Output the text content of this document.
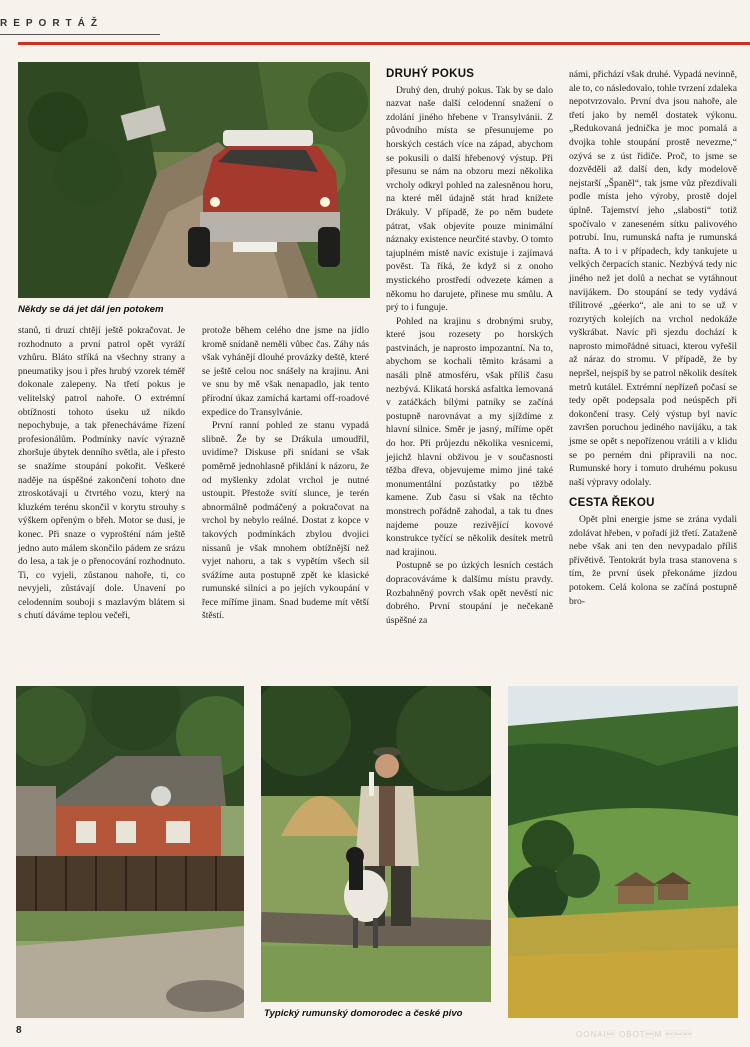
REPORTÁŽ
Někdy se dá jet dál jen potokem

stanů, ti druzí chtějí ještě pokračovat. Je rozhodnuto a první patrol opět vyráží vzhůru. Bláto stříká na všechny strany a pneumatiky jsou i přes hrubý vzorek téměř dokonale zalepeny. Na třetí pokus je velitelský patrol nahoře. O extrémní obtížnosti tohoto úseku už nikdo nepochybuje, a tak přenecháváme řízení profesionálům. Podmínky navíc výrazně zhoršuje úbytek denního světla, ale i přesto se snažíme stoupání pokořit. Veškeré naděje na úspěšné zakončení tohoto dne ztroskotávají u čtvrtého vozu, který na kluzkém terénu skončil v korytu strouhy s výškem opřeným o břeh. Motor se dusí, je konec. Při snaze o vyprošténí nám ještě jedno auto málem skončilo pádem ze srázu do lesa, a tak je o přenocování rozhodnuto. Ti, co vyjeli, zůstanou nahoře, ti, co nevyjeli, zůstávají dole. Unavení po celodenním souboji s mazlavým blátem si s chutí dáváme teplou večeři,

protože během celého dne jsme na jídlo kromě snídaně neměli vůbec čas. Záhy nás však vyhánějí dlouhé provázky deště, které se ještě celou noc snášely na krajinu. Ani ve snu by mě však nenapadlo, jak tento přírodní úkaz zamíchá kartami off-roadové expedice do Transylvánie.

První ranní pohled ze stanu vypadá slibně. Že by se Drákula umoudřil, uvidíme? Diskuse při snídani se však poměrně jednohlasně přiklání k názoru, že od myšlenky zdolat vrchol je nutné ustoupit. Přestože svítí slunce, je terén abnormálně podmáčený a pokračovat na vrchol by nebylo reálné. Dostat z kopce v takových podmínkách zbylou dvojici nissanů je však mnohem obtížnější než vyjet nahoru, a tak s vypětím všech sil svážíme auta postupně zpět ke klasické rumunské silnici a po jejích vykoupání v řece míříme jinam. Snad budeme mít větší štěstí.

DRUHÝ POKUS

Druhý den, druhý pokus. Tak by se dalo nazvat naše další celodenní snažení o zdolání jiného hřebene v Transylvánii. Z původního místa se přesunujeme po horských cestách více na západ, abychom se pokusili o další hřebenový výstup. Při přesunu se nám na obzoru mezi několika vrcholy odkryl pohled na zalesněnou horu, na které měl údajně stát hrad knížete Drákuly. V případě, že po něm budete pátrat, však objevíte pouze minimální náznaky existence neurčité stavby. O tomto tajuplném místě navíc existuje i zajímavá pověst. Ta říká, že když si z onoho mystického prostředí odvezete kámen a někomu ho darujete, přinese mu smůlu. A prý to i funguje.

Pohled na krajinu s drobnými sruby, které jsou rozesety po horských pastvinách, je naprosto impozantní. Na to, abychom se kochali těmito krásami a nasáli plně atmosféru, však příliš času nezbývá. Klikatá horská asfaltka lemovaná v zatáčkách bílými patníky se začíná postupně narovnávat a my sjíždíme z hlavní silnice. Směr je jasný, míříme opět do hor. Při průjezdu několika vesnicemi, jejichž hlavní obživou je v současnosti těžba dřeva, objevujeme mimo jiné také monumentální pozůstatky po těžbě kamene. Zub času si však na těchto monstrech pořádně zahodal, a tak tu dnes najdeme pouze rezivějící kovové konstrukce tyčící se několik desítek metrů nad krajinou.

Postupně se po úzkých lesních cestách dopracováváme k dalšímu místu pravdy. Rozbahněný povrch však opět nevěstí nic dobrého. První stoupání je nečekaně úspěšné za

námi, přichází však druhé. Vypadá nevinně, ale to, co následovalo, tohle tvrzení zdaleka nepotvrzovalo. První dva jsou nahoře, ale třetí jako by neměl dostatek výkonu. „Redukovaná jednička je moc pomalá a dvojka tohle stoupání prostě nevezme,“ ozývá se z úst řidiče. Proč, to jsme se dozvěděli až další den, kdy modelově nejstarší „Španěl“, tak jsme vůz přezdívali podle místa jeho výroby, prostě dojel úplně. Tajemství jeho „slabosti“ totiž spočívalo v zaneseném sítku palivového potrubí. Inu, rumunská nafta je rumunská nafta. A to i v případech, kdy tankujete u velkých čerpacích stanic. Nezbývá tedy nic jiného než jet dolů a nechat se vytáhnout navijákem. Do stoupání se tedy vydává třílitrové „géerko“, ale ani to se už v rozrytých kolejích na vrchol nedokáže vyškrábat. Navíc při sjezdu dochází k naprosto mimořádné situaci, kterou vyřešil až náraz do stromu. V případě, že by nepršel, nejspíš by se patrol několik desítek metrů kutálel. Extrémní nepřízeň počasí se tedy opět podepsala pod neúspěch při dokončení trasy. Celý výstup byl navíc završen poruchou jediného navijáku, a tak jsme se opět s nepořízenou vrátili a v klidu se po perném dni připravili na noc. Rumunské hory i tomuto druhému pokusu naší výpravy odolaly.

CESTA ŘEKOU

Opět plni energie jsme se zrána vydali zdolávat hřeben, v pořadí již třetí. Zataženě nebe však ani ten den nevypadalo příliš přívětivě. Tentokrát byla trasa stanovena s tím, že první úsek překonáme jízdou potokem. Celá kolona se začíná postupně bro-

Typický rumunský domorodec a české pivo
8	ООNAI OBOTM 
